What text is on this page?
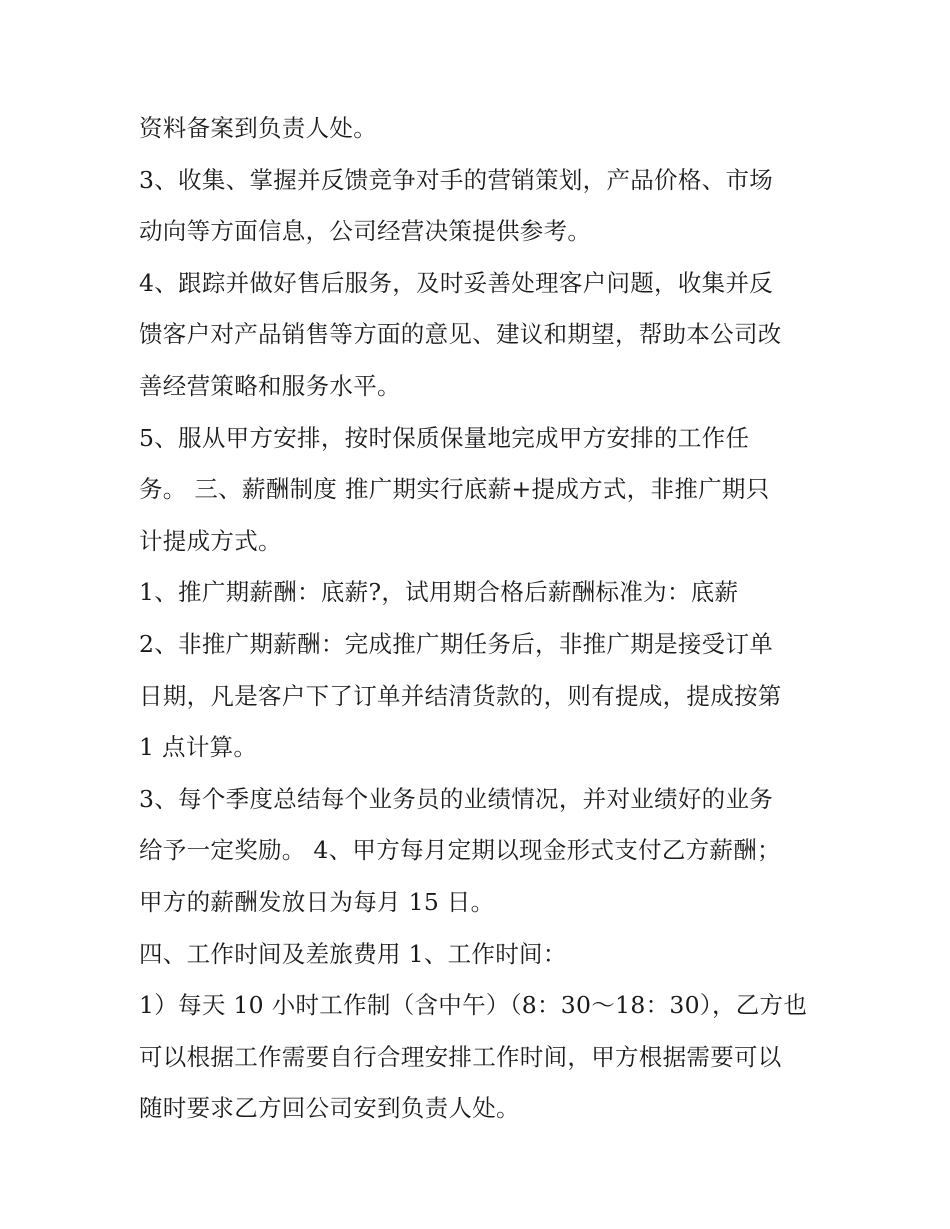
资料备案到负责人处。
3、收集、掌握并反馈竞争对手的营销策划，产品价格、市场
动向等方面信息，公司经营决策提供参考。
4、跟踪并做好售后服务，及时妥善处理客户问题，收集并反
馈客户对产品销售等方面的意见、建议和期望，帮助本公司改
善经营策略和服务水平。
5、服从甲方安排，按时保质保量地完成甲方安排的工作任
务。 三、薪酬制度 推广期实行底薪+提成方式，非推广期只
计提成方式。
1、推广期薪酬：底薪?，试用期合格后薪酬标准为：底薪
2、非推广期薪酬：完成推广期任务后，非推广期是接受订单
日期，凡是客户下了订单并结清货款的，则有提成，提成按第
1 点计算。
3、每个季度总结每个业务员的业绩情况，并对业绩好的业务
给予一定奖励。 4、甲方每月定期以现金形式支付乙方薪酬；
甲方的薪酬发放日为每月 15 日。
四、工作时间及差旅费用 1、工作时间：
1）每天 10 小时工作制（含中午）（8：30～18：30），乙方也
可以根据工作需要自行合理安排工作时间，甲方根据需要可以
随时要求乙方回公司安到负责人处。
